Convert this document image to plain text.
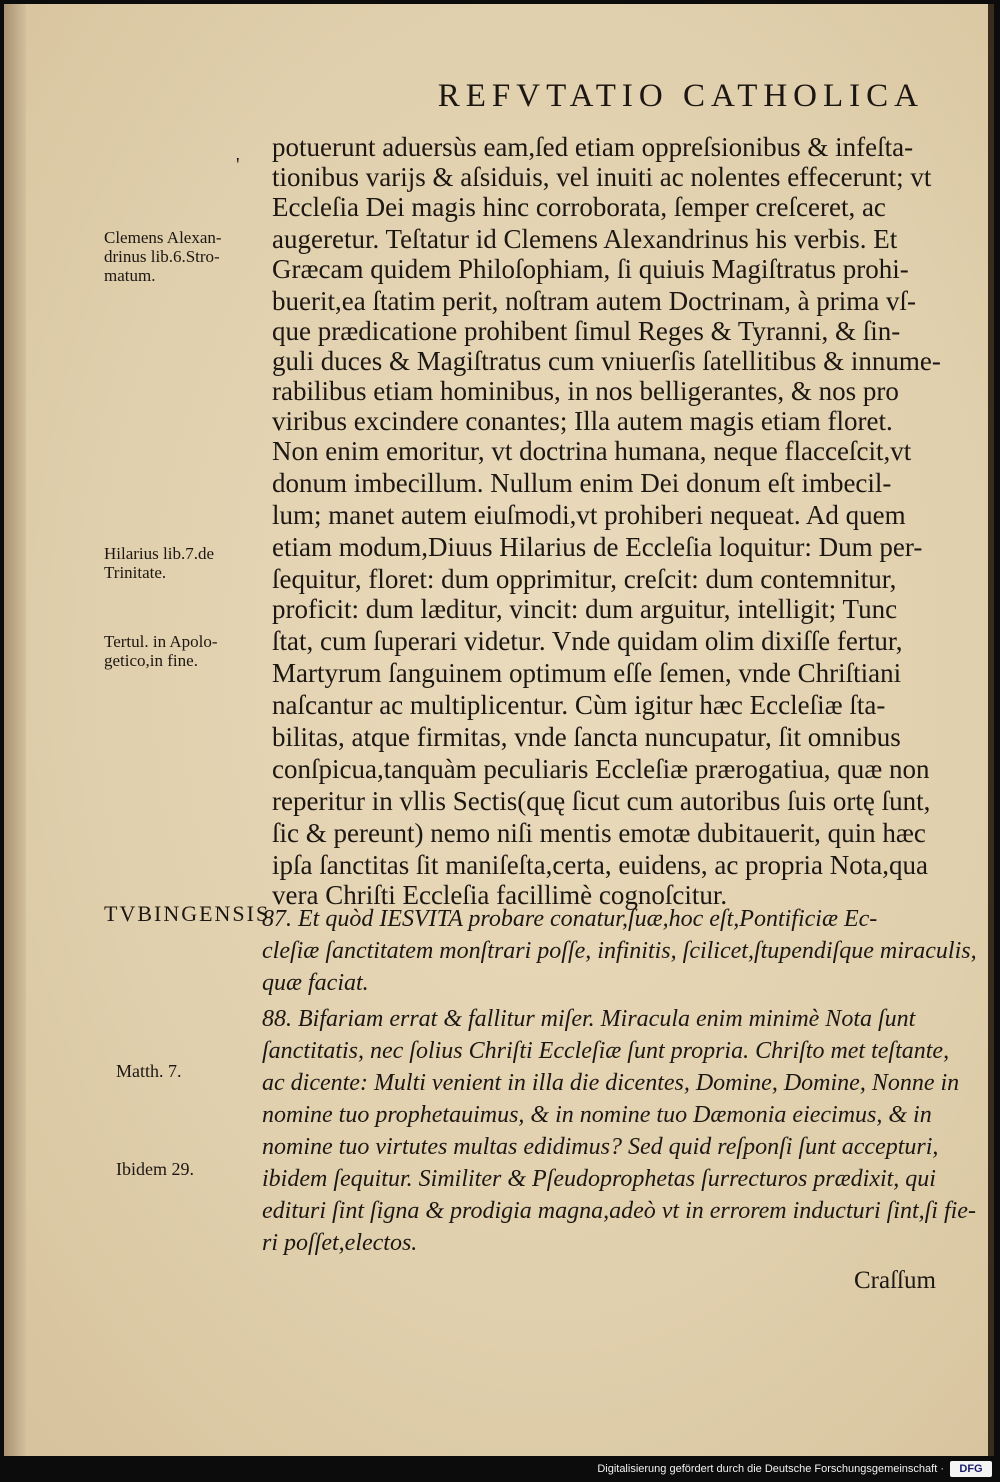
REFVTATIO CATHOLICA
'
Clemens Alexan-
drinus lib.6.Stro-
matum.
Hilarius lib.7.de
Trinitate.
Tertul. in Apolo-
getico,in fine.
Matth. 7.
Ibidem 29.
potuerunt aduersùs eam,ſed etiam oppreſsionibus & infeſta-
tionibus varijs & aſsiduis, vel inuiti ac nolentes effecerunt; vt
Eccleſia Dei magis hinc corroborata, ſemper creſceret, ac
augeretur. Teſtatur id Clemens Alexandrinus his verbis. Et
Græcam quidem Philoſophiam, ſi quiuis Magiſtratus prohi-
buerit,ea ſtatim perit, noſtram autem Doctrinam, à prima vſ-
que prædicatione prohibent ſimul Reges & Tyranni, & ſin-
guli duces & Magiſtratus cum vniuerſis ſatellitibus & innume-
rabilibus etiam hominibus, in nos belligerantes, & nos pro
viribus excindere conantes; Illa autem magis etiam floret.
Non enim emoritur, vt doctrina humana, neque flacceſcit,vt
donum imbecillum. Nullum enim Dei donum eſt imbecil-
lum; manet autem eiuſmodi,vt prohiberi nequeat. Ad quem
etiam modum,Diuus Hilarius de Eccleſia loquitur: Dum per-
ſequitur, floret: dum opprimitur, creſcit: dum contemnitur,
proficit: dum læditur, vincit: dum arguitur, intelligit; Tunc
ſtat, cum ſuperari videtur. Vnde quidam olim dixiſſe fertur,
Martyrum ſanguinem optimum eſſe ſemen, vnde Chriſtiani
naſcantur ac multiplicentur. Cùm igitur hæc Eccleſiæ ſta-
bilitas, atque firmitas, vnde ſancta nuncupatur, ſit omnibus
conſpicua,tanquàm peculiaris Eccleſiæ prærogatiua, quæ non
reperitur in vllis Sectis(quę ſicut cum autoribus ſuis ortę ſunt,
ſic & pereunt) nemo niſi mentis emotæ dubitauerit, quin hæc
ipſa ſanctitas ſit maniſeſta,certa, euidens, ac propria Nota,qua
vera Chriſti Eccleſia facillimè cognoſcitur.
87. Et quòd IESVITA probare conatur,ſuæ,hoc eſt,Pontificiæ Ec-
cleſiæ ſanctitatem monſtrari poſſe, infinitis, ſcilicet,ſtupendiſque miraculis,
quæ faciat.
88. Bifariam errat & fallitur miſer. Miracula enim minimè Nota ſunt
ſanctitatis, nec ſolius Chriſti Eccleſiæ ſunt propria. Chriſto met teſtante,
ac dicente: Multi venient in illa die dicentes, Domine, Domine, Nonne in
nomine tuo prophetauimus, & in nomine tuo Dæmonia eiecimus, & in
nomine tuo virtutes multas edidimus? Sed quid reſponſi ſunt accepturi,
ibidem ſequitur. Similiter & Pſeudoprophetas ſurrecturos prædixit, qui
edituri ſint ſigna & prodigia magna,adeò vt in errorem inducturi ſint,ſi fie-
ri poſſet,electos.
TVBINGENSIS
Craſſum
Digitalisierung gefördert durch die Deutsche Forschungsgemeinschaft ·	DFG
